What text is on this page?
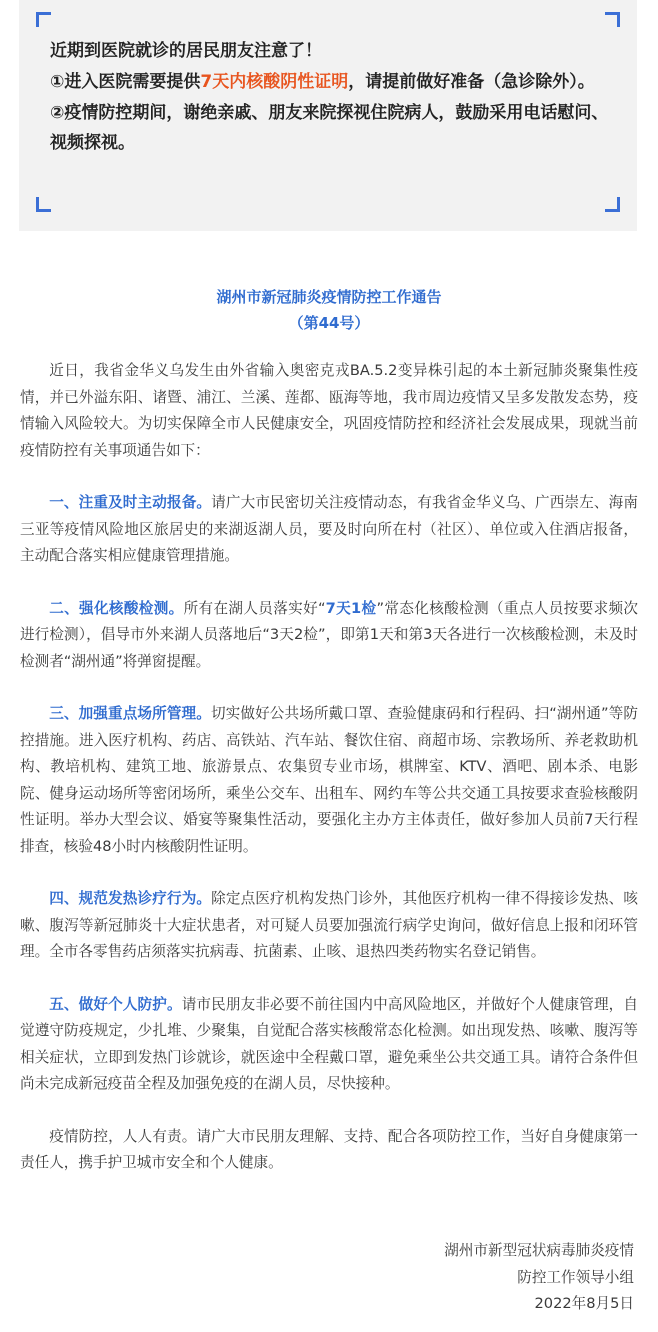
近期到医院就诊的居民朋友注意了！

①进入医院需要提供7天内核酸阴性证明，请提前做好准备（急诊除外）。

②疫情防控期间，谢绝亲戚、朋友来院探视住院病人，鼓励采用电话慰问、视频探视。

湖州市新冠肺炎疫情防控工作通告
（第44号）

近日，我省金华义乌发生由外省输入奥密克戎BA.5.2变异株引起的本土新冠肺炎聚集性疫情，并已外溢东阳、诸暨、浦江、兰溪、莲都、瓯海等地，我市周边疫情又呈多发散发态势，疫情输入风险较大。为切实保障全市人民健康安全，巩固疫情防控和经济社会发展成果，现就当前疫情防控有关事项通告如下：

一、注重及时主动报备。请广大市民密切关注疫情动态，有我省金华义乌、广西崇左、海南三亚等疫情风险地区旅居史的来湖返湖人员，要及时向所在村（社区）、单位或入住酒店报备，主动配合落实相应健康管理措施。

二、强化核酸检测。所有在湖人员落实好“7天1检”常态化核酸检测（重点人员按要求频次进行检测），倡导市外来湖人员落地后“3天2检”，即第1天和第3天各进行一次核酸检测，未及时检测者“湖州通”将弹窗提醒。

三、加强重点场所管理。切实做好公共场所戴口罩、查验健康码和行程码、扫“湖州通”等防控措施。进入医疗机构、药店、高铁站、汽车站、餐饮住宿、商超市场、宗教场所、养老救助机构、教培机构、建筑工地、旅游景点、农集贸专业市场，棋牌室、KTV、酒吧、剧本杀、电影院、健身运动场所等密闭场所，乘坐公交车、出租车、网约车等公共交通工具按要求查验核酸阴性证明。举办大型会议、婚宴等聚集性活动，要强化主办方主体责任，做好参加人员前7天行程排查，核验48小时内核酸阴性证明。

四、规范发热诊疗行为。除定点医疗机构发热门诊外，其他医疗机构一律不得接诊发热、咳嗽、腹泻等新冠肺炎十大症状患者，对可疑人员要加强流行病学史询问，做好信息上报和闭环管理。全市各零售药店须落实抗病毒、抗菌素、止咳、退热四类药物实名登记销售。

五、做好个人防护。请市民朋友非必要不前往国内中高风险地区，并做好个人健康管理，自觉遵守防疫规定，少扎堆、少聚集，自觉配合落实核酸常态化检测。如出现发热、咳嗽、腹泻等相关症状，立即到发热门诊就诊，就医途中全程戴口罩，避免乘坐公共交通工具。请符合条件但尚未完成新冠疫苗全程及加强免疫的在湖人员，尽快接种。

疫情防控，人人有责。请广大市民朋友理解、支持、配合各项防控工作，当好自身健康第一责任人，携手护卫城市安全和个人健康。

湖州市新型冠状病毒肺炎疫情
防控工作领导小组
2022年8月5日
